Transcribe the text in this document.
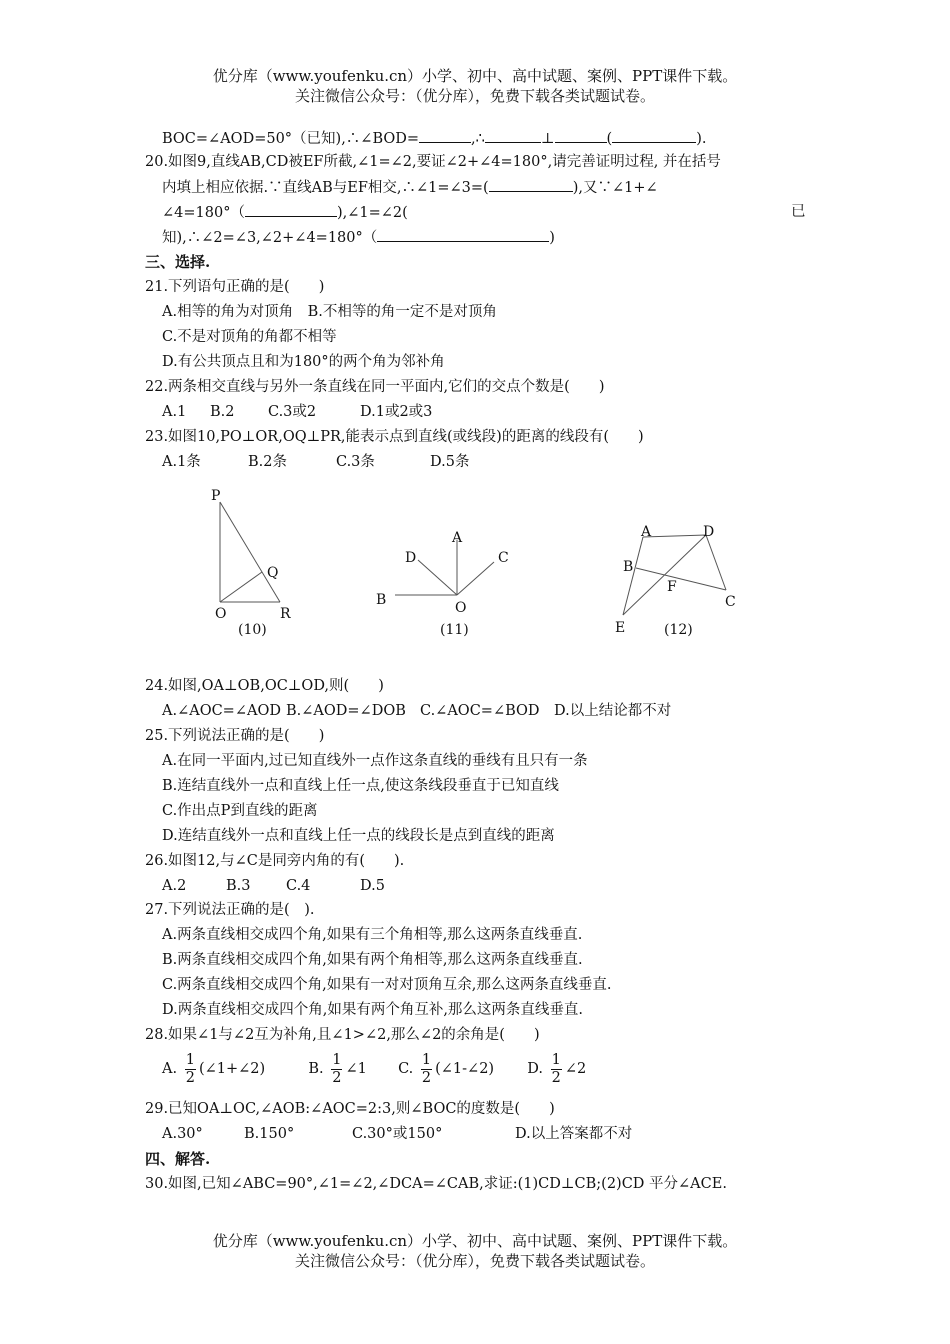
优分库（www.youfenku.cn）小学、初中、高中试题、案例、PPT课件下载。
关注微信公众号：（优分库），免费下载各类试题试卷。
BOC=∠AOD=50°（已知),∴∠BOD=	,∴	⊥	(	).
20.如图9,直线AB,CD被EF所截,∠1=∠2,要证∠2+∠4=180°,请完善证明过程, 并在括号
内填上相应依据.∵直线AB与EF相交,∴∠1=∠3=(	),又∵∠1+∠
∠4=180°（	),∠1=∠2(	已
知),∴∠2=∠3,∠2+∠4=180°（	)
三、选择.
21.下列语句正确的是(　　)
A.相等的角为对顶角　B.不相等的角一定不是对顶角
C.不是对顶角的角都不相等
D.有公共顶点且和为180°的两个角为邻补角
22.两条相交直线与另外一条直线在同一平面内,它们的交点个数是(　　)
A.1 B.2 C.3或2	D.1或2或3
23.如图10,PO⊥OR,OQ⊥PR,能表示点到直线(或线段)的距离的线段有(　　)
A.1条	B.2条	C.3条	D.5条
P
Q
O	R
(10)
A
D	C
B	O
(11)
A	D
B
F
C
E	(12)
24.如图,OA⊥OB,OC⊥OD,则(　　)
A.∠AOC=∠AOD B.∠AOD=∠DOB C.∠AOC=∠BOD D.以上结论都不对
25.下列说法正确的是(　　)
A.在同一平面内,过已知直线外一点作这条直线的垂线有且只有一条
B.连结直线外一点和直线上任一点,使这条线段垂直于已知直线
C.作出点P到直线的距离
D.连结直线外一点和直线上任一点的线段长是点到直线的距离
26.如图12,与∠C是同旁内角的有(　　).
A.2	B.3 C.4	D.5
27.下列说法正确的是(　).
A.两条直线相交成四个角,如果有三个角相等,那么这两条直线垂直.
B.两条直线相交成四个角,如果有两个角相等,那么这两条直线垂直.
C.两条直线相交成四个角,如果有一对对顶角互余,那么这两条直线垂直.
D.两条直线相交成四个角,如果有两个角互补,那么这两条直线垂直.
28.如果∠1与∠2互为补角,且∠1>∠2,那么∠2的余角是(　　)
A. $\frac{1}{2}$ (∠1+∠2)	B. $\frac{1}{2}$ ∠1 C. $\frac{1}{2}$ (∠1-∠2) D. $\frac{1}{2}$ ∠2
29.已知OA⊥OC,∠AOB:∠AOC=2:3,则∠BOC的度数是(　　)
A.30°	B.150°	C.30°或150°	D.以上答案都不对
四、解答.
30.如图,已知∠ABC=90°,∠1=∠2,∠DCA=∠CAB,求证:(1)CD⊥CB;(2)CD 平分∠ACE.
优分库（www.youfenku.cn）小学、初中、高中试题、案例、PPT课件下载。
关注微信公众号：（优分库），免费下载各类试题试卷。
